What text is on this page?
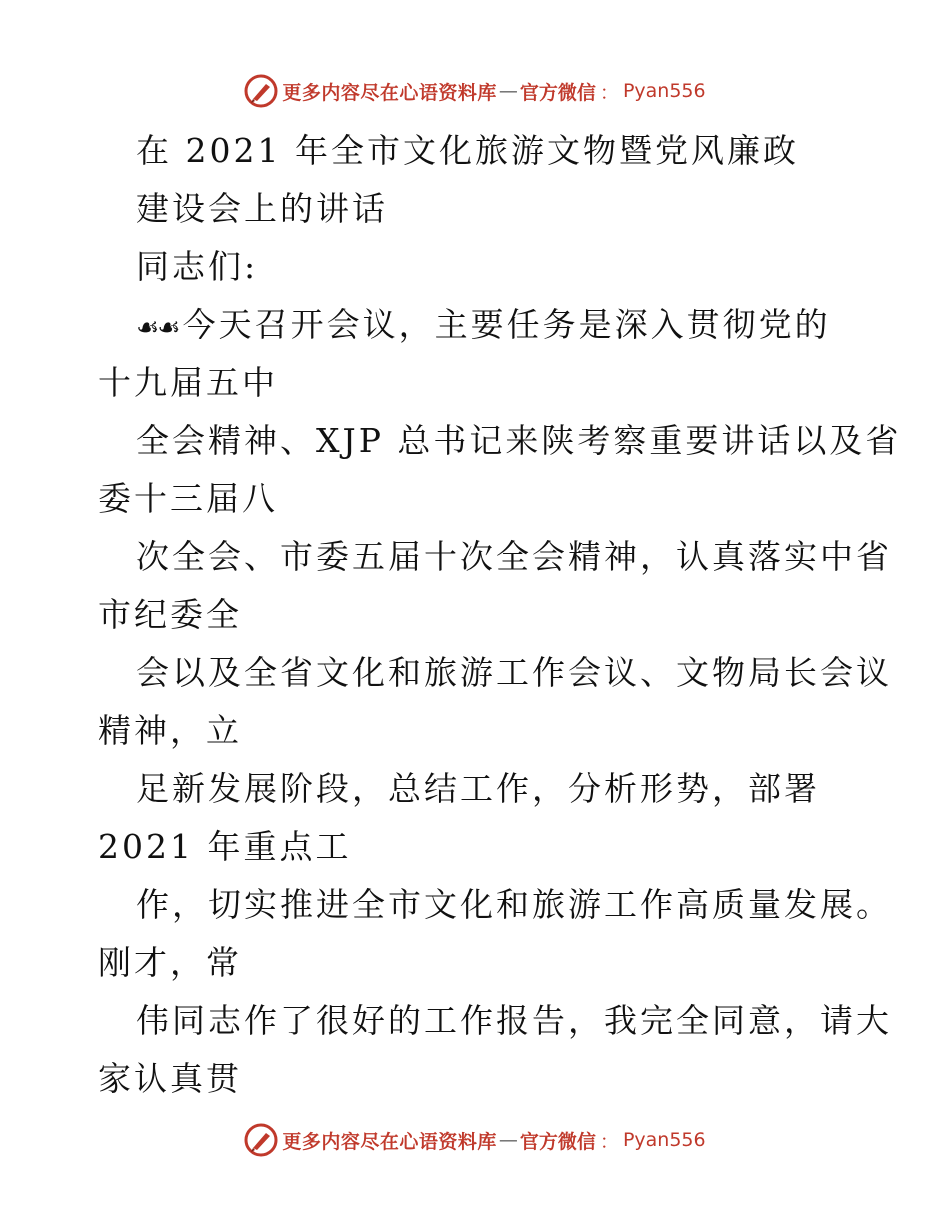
更多内容尽在心语资料库 — 官方微信 ： Pyan556
在 2021 年全市文化旅游文物暨党风廉政
建设会上的讲话
同志们:
☙☙ 今天召开会议，主要任务是深入贯彻党的
十九届五中
全会精神、XJP 总书记来陕考察重要讲话以及省
委十三届八
次全会、市委五届十次全会精神，认真落实中省
市纪委全
会以及全省文化和旅游工作会议、文物局长会议
精神，立
足新发展阶段，总结工作，分析形势，部署
2021 年重点工
作，切实推进全市文化和旅游工作高质量发展。
刚才，常
伟同志作了很好的工作报告，我完全同意，请大
家认真贯
更多内容尽在心语资料库 — 官方微信 ： Pyan556
